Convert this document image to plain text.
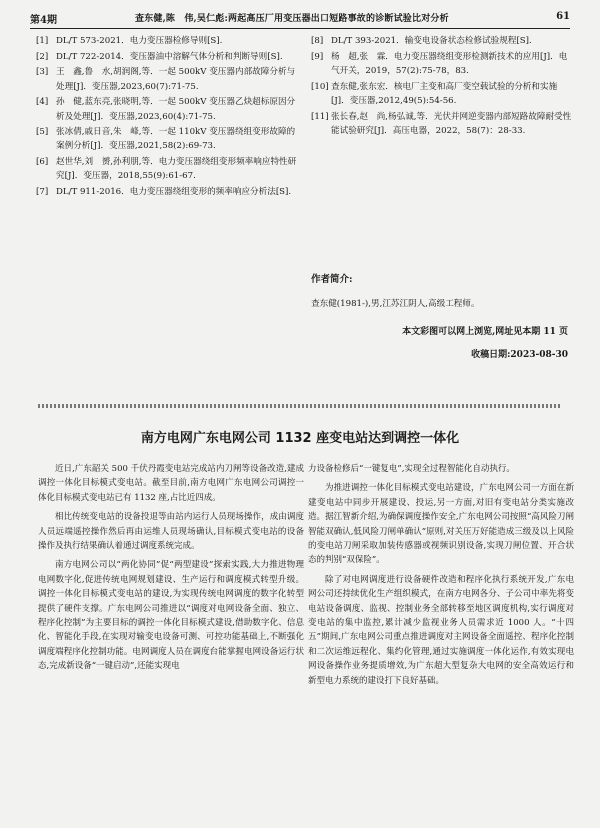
第4期	查东健,陈　伟,吴仁彪:两起高压厂用变压器出口短路事故的诊断试验比对分析	61
[1] DL/T 573-2021．电力变压器检修导则[S].
[2] DL/T 722-2014．变压器油中溶解气体分析和判断导则[S].
[3] 王　鑫,鲁　水,胡润阁,等．一起 500kV 变压器内部故障分析与处理[J]．变压器,2023,60(7):71-75.
[4] 孙　健,蓝东亮,张晓明,等．一起 500kV 变压器乙炔超标原因分析及处理[J]．变压器,2023,60(4):71-75.
[5] 张冰倩,戚日音,朱　峰,等．一起 110kV 变压器绕组变形故障的案例分析[J]．变压器,2021,58(2):69-73.
[6] 赵世华,刘　赟,孙利朋,等．电力变压器绕组变形频率响应特性研究[J]．变压器，2018,55(9):61-67.
[7] DL/T 911-2016．电力变压器绕组变形的频率响应分析法[S].
[8] DL/T 393-2021．输变电设备状态检修试验规程[S].
[9] 杨　超,张　霖．电力变压器绕组变形检测新技术的应用[J]．电气开关，2019，57(2):75-78，83.
[10] 查东健,张东宏．核电厂主变和高厂变空载试验的分析和实施[J]．变压器,2012,49(5):54-56.
[11] 张长春,赵　尚,杨弘诚,等．光伏并网逆变器内部短路故障耐受性能试验研究[J]．高压电器，2022，58(7)：28-33.
作者简介:
查东健(1981-),男,江苏江阴人,高级工程师。
本文彩图可以网上浏览,网址见本期 11 页
收稿日期:2023-08-30
南方电网广东电网公司 1132 座变电站达到调控一体化

近日,广东韶关 500 千伏丹霞变电站完成站内刀闸等设备改造,建成调控一体化目标模式变电站。截至目前,南方电网广东电网公司调控一体化目标模式变电站已有 1132 座,占比近四成。

相比传统变电站的设备投退等由站内运行人员现场操作，成由调度人员远端遥控操作然后再由运维人员现场确认,目标模式变电站的设备操作及执行结果确认着通过调度系统完成。

南方电网公司以“两化协同”促“两型建设”探索实践,大力推进物理电网数字化,促进传统电网规划建设、生产运行和调度模式转型升级。调控一体化目标模式变电站的建设,为实现传统电网调度的数字化转型提供了硬件支撑。广东电网公司推进以“调度对电网设备全面、独立、程序化控制”为主要目标的调控一体化目标模式建设,借助数字化、信息化、智能化手段,在实现对输变电设备可测、可控功能基础上,不断强化调度端程序化控制功能。电网调度人员在调度台能掌握电网设备运行状态,完成新设备“一键启动”,还能实现电

力设备检修后“一键复电”,实现全过程智能化自动执行。

为推进调控一体化目标模式变电站建设，广东电网公司一方面在新建变电站中同步开展建设、投运,另一方面,对旧有变电站分类实施改造。据江智新介绍,为确保调度操作安全,广东电网公司按照“高风险刀闸智能双确认,低风险刀闸单确认”原则,对关压万好能造成三级及以上风险的变电站刀闸采取加装传感器或视频识别设备,实现刀闸位置、开合状态的判别“双保险”。

除了对电网调度进行设备硬件改造和程序化执行系统开发,广东电网公司还持续优化生产组织模式，在南方电网各分、子公司中率先将变电站设备调度、监视、控制业务全部转移至地区调度机构,实行调度对变电站的集中监控,累计减少监视业务人员需求近 1000 人。“十四五”期间,广东电网公司重点推进调度对主网设备全面遥控、程序化控制和二次运维远程化、集约化管理,通过实施调度一体化运作,有效实现电网设备操作业务提质增效,为广东超大型复杂大电网的安全高效运行和新型电力系统的建设打下良好基础。
